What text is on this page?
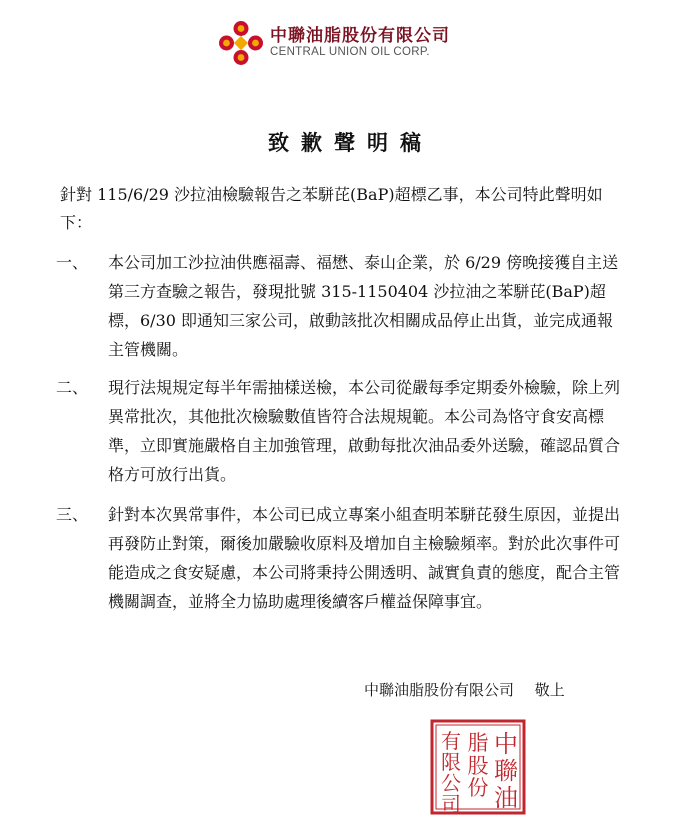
中聯油脂股份有限公司
CENTRAL UNION OIL CORP.
致歉聲明稿
針對 115/6/29 沙拉油檢驗報告之苯駢芘(BaP)超標乙事，本公司特此聲明如下：
一、	本公司加工沙拉油供應福壽、福懋、泰山企業，於 6/29 傍晚接獲自主送第三方查驗之報告，發現批號 315-1150404 沙拉油之苯駢芘(BaP)超標，6/30 即通知三家公司，啟動該批次相關成品停止出貨，並完成通報主管機關。
二、	現行法規規定每半年需抽樣送檢，本公司從嚴每季定期委外檢驗，除上列異常批次，其他批次檢驗數值皆符合法規規範。本公司為恪守食安高標準，立即實施嚴格自主加強管理，啟動每批次油品委外送驗，確認品質合格方可放行出貨。
三、	針對本次異常事件，本公司已成立專案小組查明苯駢芘發生原因，並提出再發防止對策，爾後加嚴驗收原料及增加自主檢驗頻率。對於此次事件可能造成之食安疑慮，本公司將秉持公開透明、誠實負責的態度，配合主管機關調查，並將全力協助處理後續客戶權益保障事宜。
中聯油脂股份有限公司 敬上
中
聯
油
脂
股
份
有
限
公
司
